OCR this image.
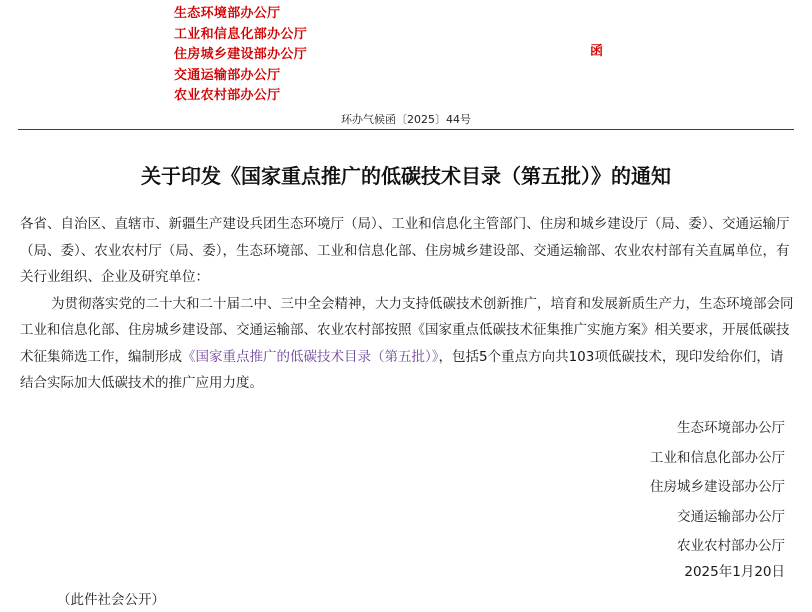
生态环境部办公厅
工业和信息化部办公厅
住房城乡建设部办公厅
交通运输部办公厅
农业农村部办公厅
函
环办气候函〔2025〕44号
关于印发《国家重点推广的低碳技术目录（第五批）》的通知

各省、自治区、直辖市、新疆生产建设兵团生态环境厅（局）、工业和信息化主管部门、住房和城乡建设厅（局、委）、交通运输厅（局、委）、农业农村厅（局、委），生态环境部、工业和信息化部、住房城乡建设部、交通运输部、农业农村部有关直属单位，有关行业组织、企业及研究单位：

为贯彻落实党的二十大和二十届二中、三中全会精神，大力支持低碳技术创新推广，培育和发展新质生产力，生态环境部会同工业和信息化部、住房城乡建设部、交通运输部、农业农村部按照《国家重点低碳技术征集推广实施方案》相关要求，开展低碳技术征集筛选工作，编制形成《国家重点推广的低碳技术目录（第五批）》，包括5个重点方向共103项低碳技术，现印发给你们，请结合实际加大低碳技术的推广应用力度。

生态环境部办公厅
工业和信息化部办公厅
住房城乡建设部办公厅
交通运输部办公厅
农业农村部办公厅
2025年1月20日
（此件社会公开）
